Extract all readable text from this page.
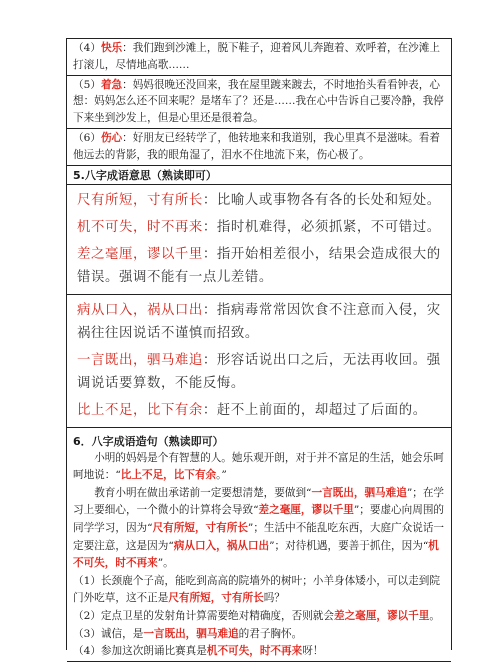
（4）快乐：我们跑到沙滩上，脱下鞋子，迎着风儿奔跑着、欢呼着，在沙滩上打滚儿，尽情地高歌……
（5）着急：妈妈很晚还没回来，我在屋里踱来踱去，不时地抬头看看钟表，心想：妈妈怎么还不回来呢？是堵车了？还是……我在心中告诉自己要冷静，我停下来坐到沙发上，但是心里还是很着急。
（6）伤心：好朋友已经转学了，他转地来和我道别，我心里真不是滋味。看着他远去的背影，我的眼角湿了，泪水不住地流下来，伤心极了。
5.八字成语意思（熟读即可）

尺有所短，寸有所长：比喻人或事物各有各的长处和短处。

机不可失，时不再来：指时机难得，必须抓紧，不可错过。

差之毫厘，谬以千里：指开始相差很小，结果会造成很大的错误。强调不能有一点儿差错。

病从口入，祸从口出：指病毒常常因饮食不注意而入侵，灾祸往往因说话不谨慎而招致。

一言既出，驷马难追：形容话说出口之后，无法再收回。强调说话要算数，不能反悔。

比上不足，比下有余：赶不上前面的，却超过了后面的。

6．八字成语造句（熟读即可）

小明的妈妈是个有智慧的人。她乐观开朗，对于并不富足的生活，她会乐呵呵地说：“比上不足，比下有余。”

教育小明在做出承诺前一定要想清楚，要做到“一言既出，驷马难追”；在学习上要细心，一个微小的计算将会导致“差之毫厘，谬以千里”；要虚心向周围的同学学习，因为“尺有所短，寸有所长”；生活中不能乱吃东西，大庭广众说话一定要注意，这是因为“病从口入，祸从口出”；对待机遇，要善于抓住，因为“机不可失，时不再来”。

（1）长颈鹿个子高，能吃到高高的院墙外的树叶；小羊身体矮小，可以走到院门外吃草，这不正是尺有所短，寸有所长吗？

（2）定点卫星的发射角计算需要绝对精确度，否则就会差之毫厘，谬以千里。

（3）诚信，是一言既出，驷马难追的君子胸怀。

（4）参加这次朗诵比赛真是机不可失，时不再来呀！
